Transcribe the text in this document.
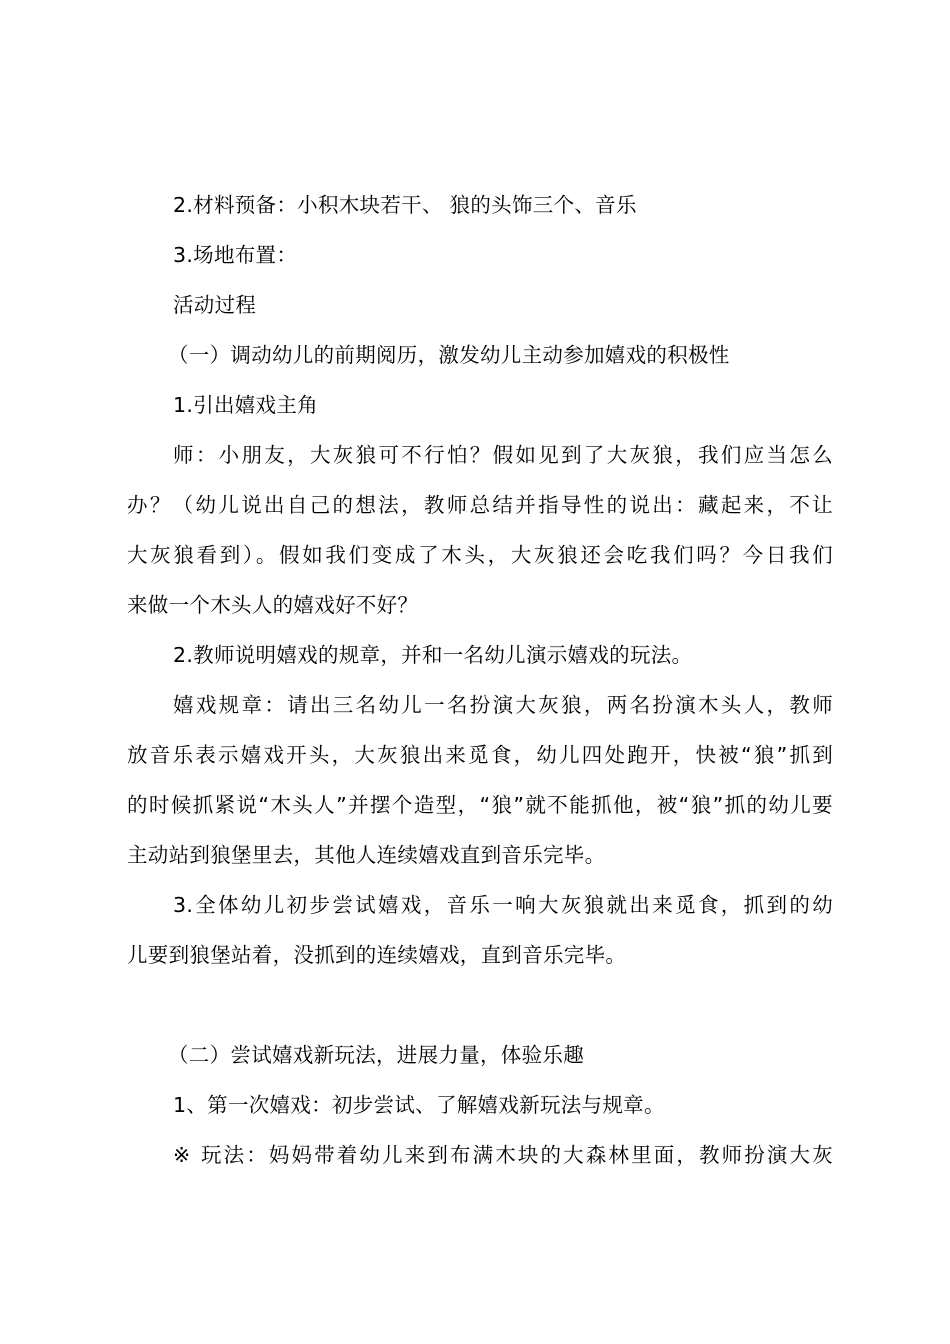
2.材料预备：小积木块若干、 狼的头饰三个、音乐
3.场地布置：
活动过程
（一）调动幼儿的前期阅历，激发幼儿主动参加嬉戏的积极性
1.引出嬉戏主角
师：小朋友，大灰狼可不行怕？假如见到了大灰狼，我们应当怎么
办？（幼儿说出自己的想法，教师总结并指导性的说出：藏起来，不让
大灰狼看到）。假如我们变成了木头，大灰狼还会吃我们吗？今日我们
来做一个木头人的嬉戏好不好？
2.教师说明嬉戏的规章，并和一名幼儿演示嬉戏的玩法。
嬉戏规章：请出三名幼儿一名扮演大灰狼，两名扮演木头人，教师
放音乐表示嬉戏开头，大灰狼出来觅食，幼儿四处跑开，快被“狼”抓到
的时候抓紧说“木头人”并摆个造型，“狼”就不能抓他，被“狼”抓的幼儿要
主动站到狼堡里去，其他人连续嬉戏直到音乐完毕。
3.全体幼儿初步尝试嬉戏，音乐一响大灰狼就出来觅食，抓到的幼
儿要到狼堡站着，没抓到的连续嬉戏，直到音乐完毕。
（二）尝试嬉戏新玩法，进展力量，体验乐趣
1、第一次嬉戏：初步尝试、了解嬉戏新玩法与规章。
※ 玩法：妈妈带着幼儿来到布满木块的大森林里面，教师扮演大灰
